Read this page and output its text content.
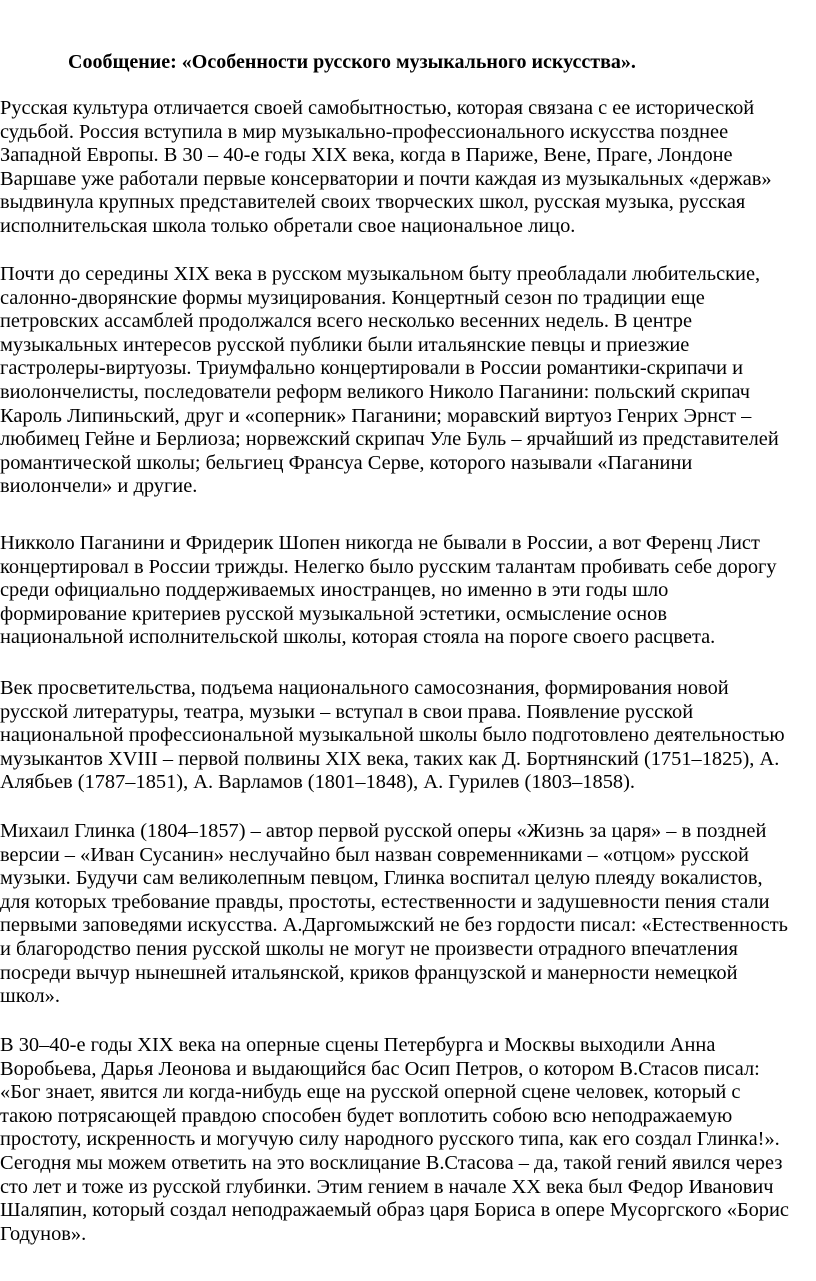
Сообщение: «Особенности русского музыкального искусства».
Русская культура отличается своей самобытностью, которая связана с ее исторической
судьбой. Россия вступила в мир музыкально-профессионального искусства позднее
Западной Европы. В 30 – 40-е годы XIX века, когда в Париже, Вене, Праге, Лондоне
Варшаве уже работали первые консерватории и почти каждая из музыкальных «держав»
выдвинула крупных представителей своих творческих школ, русская музыка, русская
исполнительская школа только обретали свое национальное лицо.
Почти до середины XIX века в русском музыкальном быту преобладали любительские,
салонно-дворянские формы музицирования. Концертный сезон по традиции еще
петровских ассамблей продолжался всего несколько весенних недель. В центре
музыкальных интересов русской публики были итальянские певцы и приезжие
гастролеры-виртуозы. Триумфально концертировали в России романтики-скрипачи и
виолончелисты, последователи реформ великого Николо Паганини: польский скрипач
Кароль Липиньский, друг и «соперник» Паганини; моравский виртуоз Генрих Эрнст –
любимец Гейне и Берлиоза; норвежский скрипач Уле Буль – ярчайший из представителей
романтической школы; бельгиец Франсуа Серве, которого называли «Паганини
виолончели» и другие.
Никколо Паганини и Фридерик Шопен никогда не бывали в России, а вот Ференц Лист
концертировал в России трижды. Нелегко было русским талантам пробивать себе дорогу
среди официально поддерживаемых иностранцев, но именно в эти годы шло
формирование критериев русской музыкальной эстетики, осмысление основ
национальной исполнительской школы, которая стояла на пороге своего расцвета.
Век просветительства, подъема национального самосознания, формирования новой
русской литературы, театра, музыки – вступал в свои права. Появление русской
национальной профессиональной музыкальной школы было подготовлено деятельностью
музыкантов XVIII – первой полвины XIX века, таких как Д. Бортнянский (1751–1825), А.
Алябьев (1787–1851), А. Варламов (1801–1848), А. Гурилев (1803–1858).
Михаил Глинка (1804–1857) – автор первой русской оперы «Жизнь за царя» – в поздней
версии – «Иван Сусанин» неслучайно был назван современниками – «отцом» русской
музыки. Будучи сам великолепным певцом, Глинка воспитал целую плеяду вокалистов,
для которых требование правды, простоты, естественности и задушевности пения стали
первыми заповедями искусства. А.Даргомыжский не без гордости писал: «Естественность
и благородство пения русской школы не могут не произвести отрадного впечатления
посреди вычур нынешней итальянской, криков французской и манерности немецкой
школ».
В 30–40-е годы XIX века на оперные сцены Петербурга и Москвы выходили Анна
Воробьева, Дарья Леонова и выдающийся бас Осип Петров, о котором В.Стасов писал:
«Бог знает, явится ли когда-нибудь еще на русской оперной сцене человек, который с
такою потрясающей правдою способен будет воплотить собою всю неподражаемую
простоту, искренность и могучую силу народного русского типа, как его создал Глинка!».
Сегодня мы можем ответить на это восклицание В.Стасова – да, такой гений явился через
сто лет и тоже из русской глубинки. Этим гением в начале XX века был Федор Иванович
Шаляпин, который создал неподражаемый образ царя Бориса в опере Мусоргского «Борис
Годунов».
